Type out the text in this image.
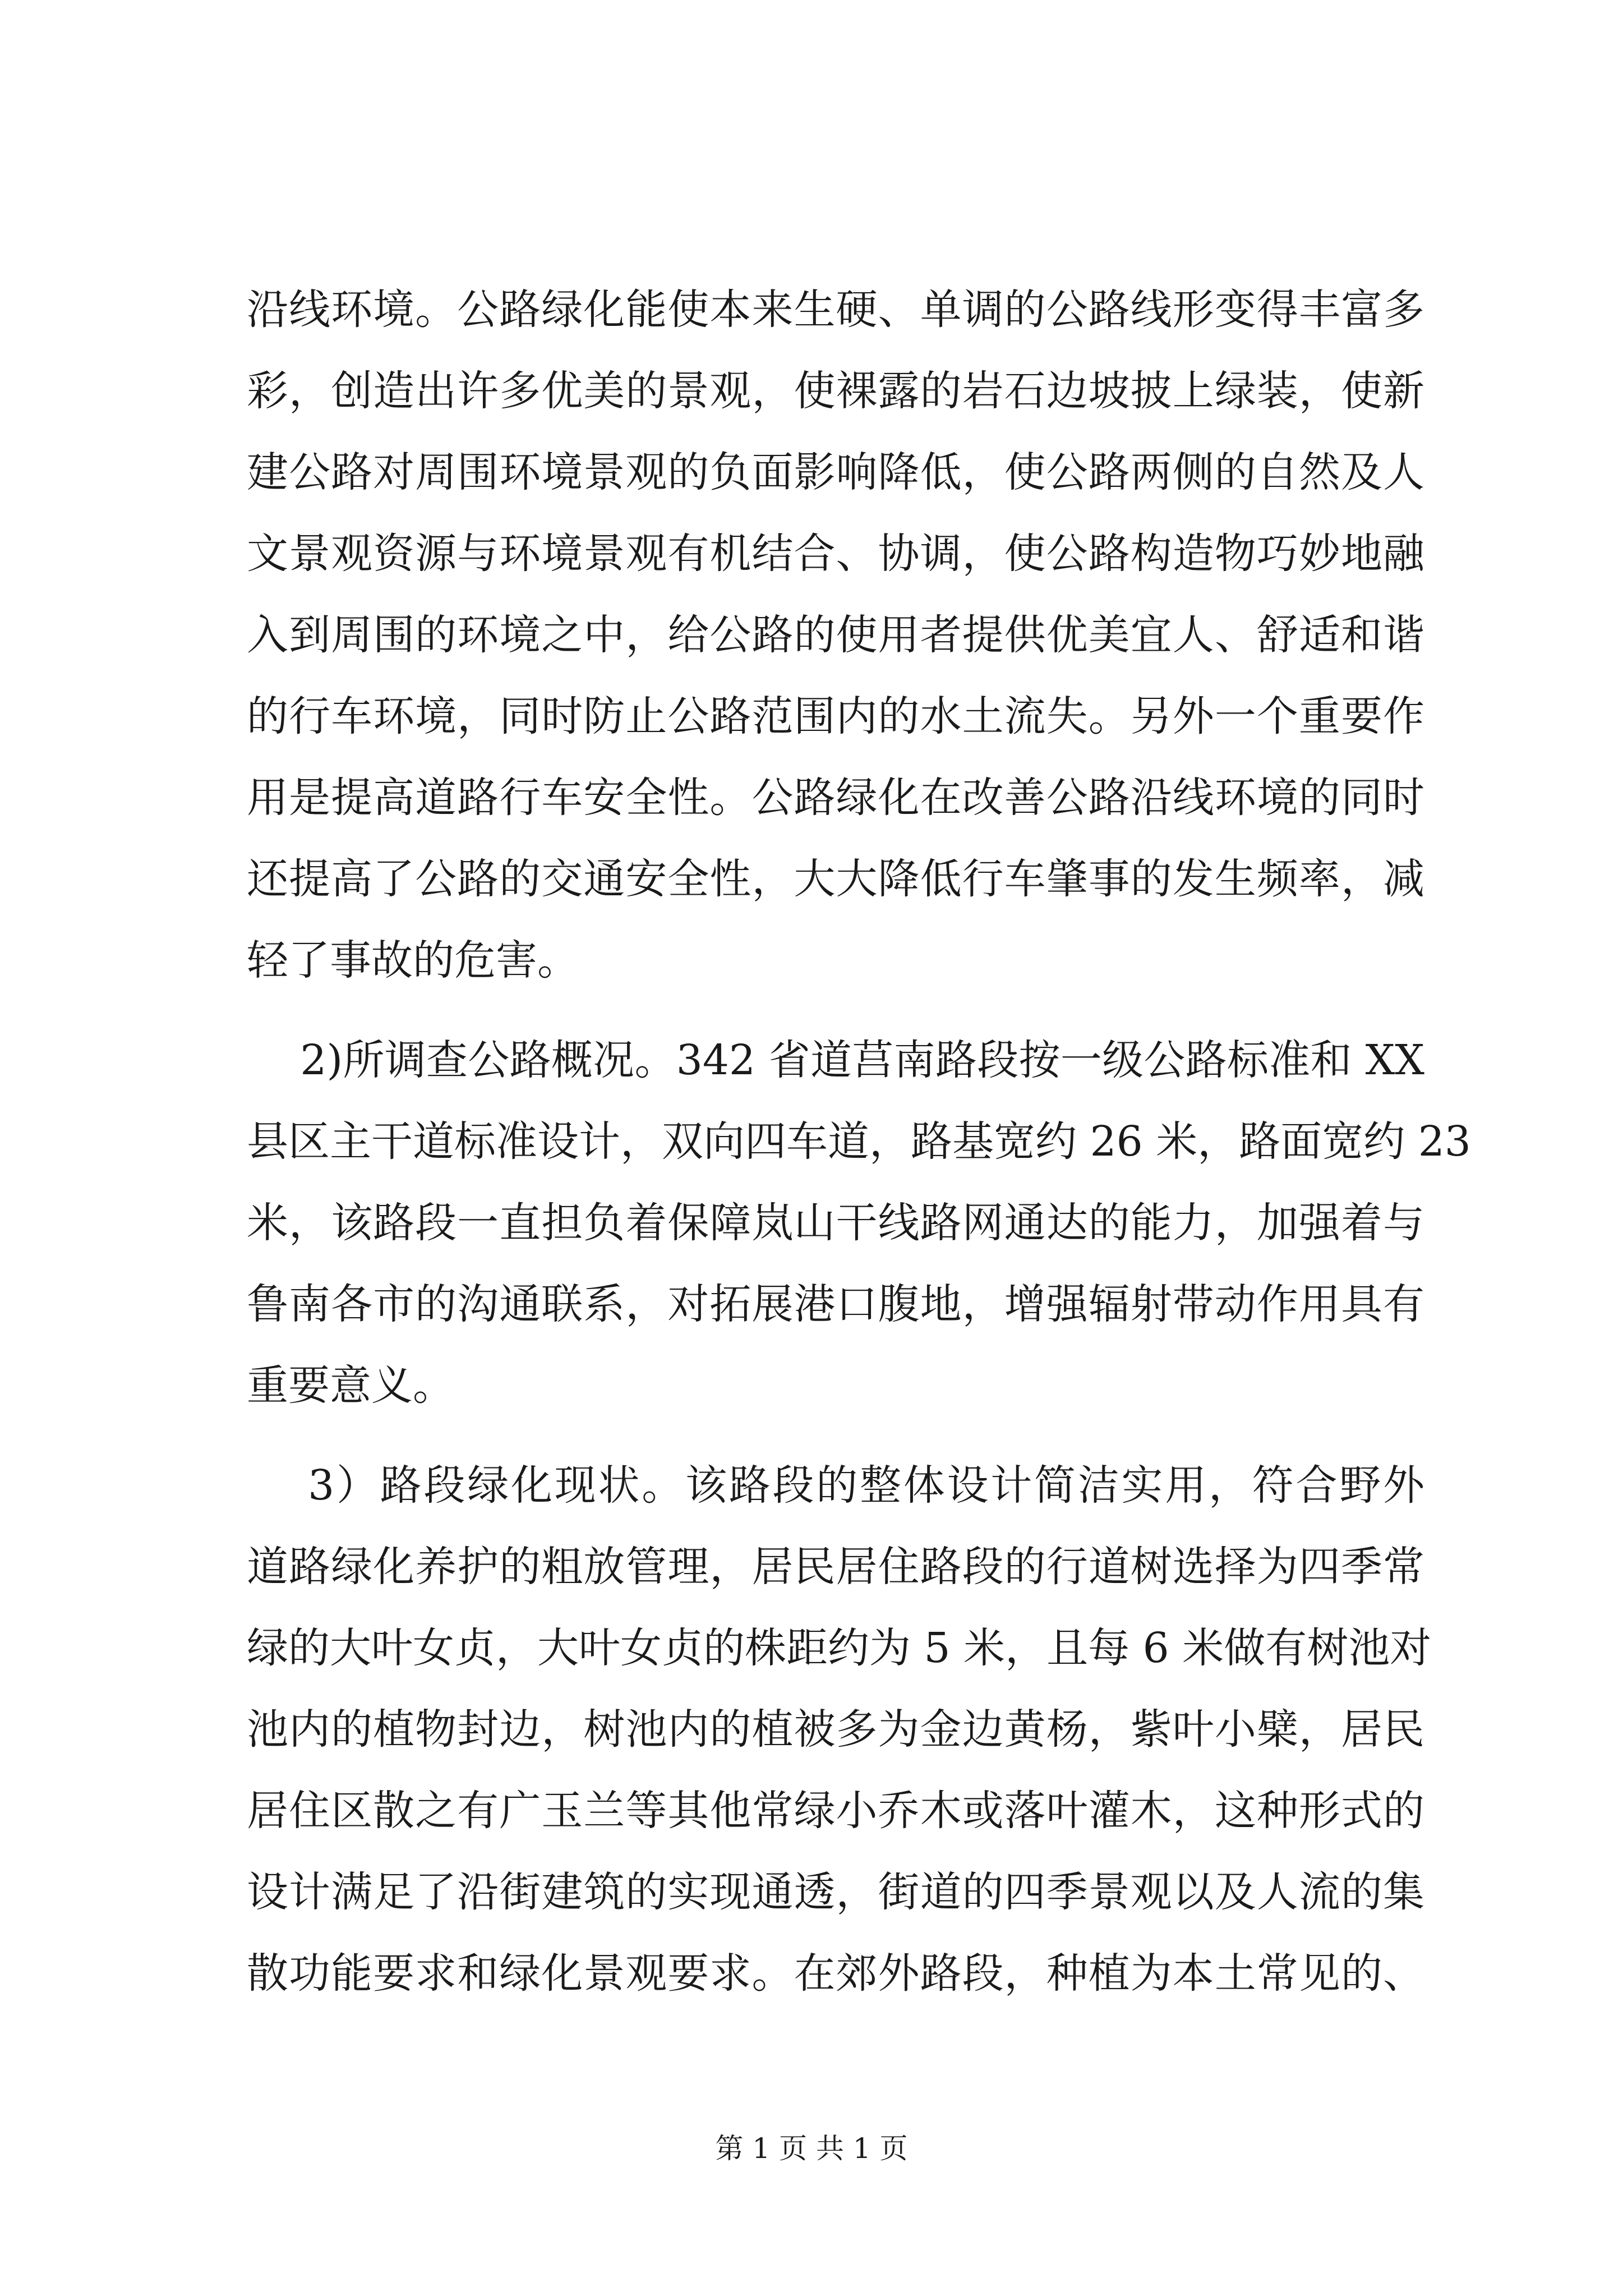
沿线环境。公路绿化能使本来生硬、单调的公路线形变得丰富多
彩，创造出许多优美的景观，使裸露的岩石边坡披上绿装，使新
建公路对周围环境景观的负面影响降低，使公路两侧的自然及人
文景观资源与环境景观有机结合、协调，使公路构造物巧妙地融
入到周围的环境之中，给公路的使用者提供优美宜人、舒适和谐
的行车环境，同时防止公路范围内的水土流失。另外一个重要作
用是提高道路行车安全性。公路绿化在改善公路沿线环境的同时
还提高了公路的交通安全性，大大降低行车肇事的发生频率，减
轻了事故的危害。
2)所调查公路概况。342 省道莒南路段按一级公路标准和 XX
县区主干道标准设计，双向四车道，路基宽约 26 米，路面宽约 23
米，该路段一直担负着保障岚山干线路网通达的能力，加强着与
鲁南各市的沟通联系，对拓展港口腹地，增强辐射带动作用具有
重要意义。
3）路段绿化现状。该路段的整体设计简洁实用，符合野外
道路绿化养护的粗放管理，居民居住路段的行道树选择为四季常
绿的大叶女贞，大叶女贞的株距约为 5 米，且每 6 米做有树池对
池内的植物封边，树池内的植被多为金边黄杨，紫叶小檗，居民
居住区散之有广玉兰等其他常绿小乔木或落叶灌木，这种形式的
设计满足了沿街建筑的实现通透，街道的四季景观以及人流的集
散功能要求和绿化景观要求。在郊外路段，种植为本土常见的、
第 1 页 共 1 页
